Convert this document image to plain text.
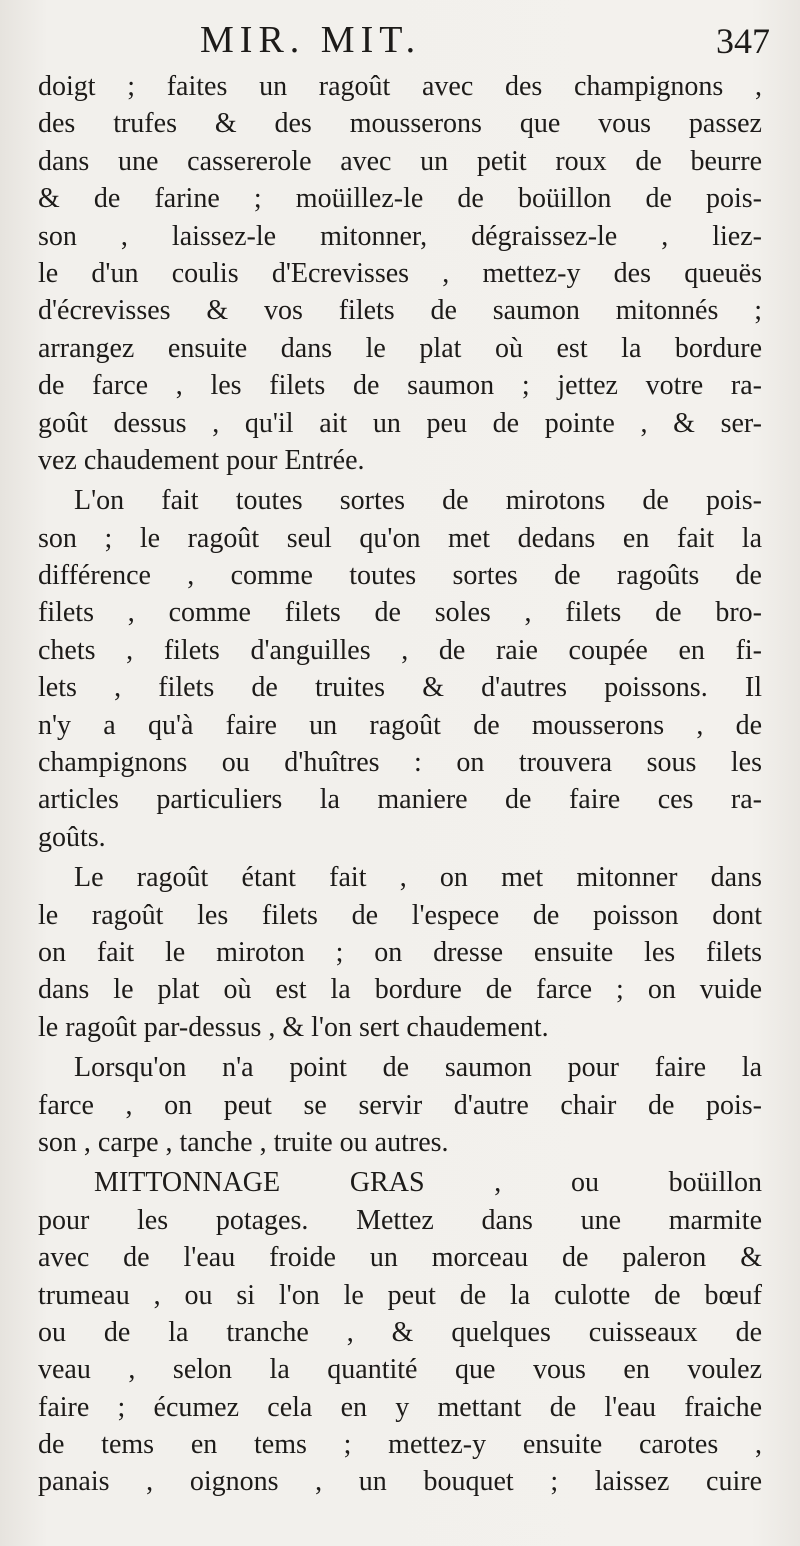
MIR. MIT.	347
doigt ; faites un ragoût avec des champignons ,
des trufes & des mousserons que vous passez
dans une cassererole avec un petit roux de beurre
& de farine ; moüillez-le de boüillon de pois-
son , laissez-le mitonner, dégraissez-le , liez-
le d'un coulis d'Ecrevisses , mettez-y des queuës
d'écrevisses & vos filets de saumon mitonnés ;
arrangez ensuite dans le plat où est la bordure
de farce , les filets de saumon ; jettez votre ra-
goût dessus , qu'il ait un peu de pointe , & ser-
vez chaudement pour Entrée.
L'on fait toutes sortes de mirotons de pois-
son ; le ragoût seul qu'on met dedans en fait la
différence , comme toutes sortes de ragoûts de
filets , comme filets de soles , filets de bro-
chets , filets d'anguilles , de raie coupée en fi-
lets , filets de truites & d'autres poissons. Il
n'y a qu'à faire un ragoût de mousserons , de
champignons ou d'huîtres : on trouvera sous les
articles particuliers la maniere de faire ces ra-
goûts.
Le ragoût étant fait , on met mitonner dans
le ragoût les filets de l'espece de poisson dont
on fait le miroton ; on dresse ensuite les filets
dans le plat où est la bordure de farce ; on vuide
le ragoût par-dessus , & l'on sert chaudement.
Lorsqu'on n'a point de saumon pour faire la
farce , on peut se servir d'autre chair de pois-
son , carpe , tanche , truite ou autres.
MITTONNAGE GRAS , ou boüillon
pour les potages. Mettez dans une marmite
avec de l'eau froide un morceau de paleron &
trumeau , ou si l'on le peut de la culotte de bœuf
ou de la tranche , & quelques cuisseaux de
veau , selon la quantité que vous en voulez
faire ; écumez cela en y mettant de l'eau fraiche
de tems en tems ; mettez-y ensuite carotes ,
panais , oignons , un bouquet ; laissez cuire
